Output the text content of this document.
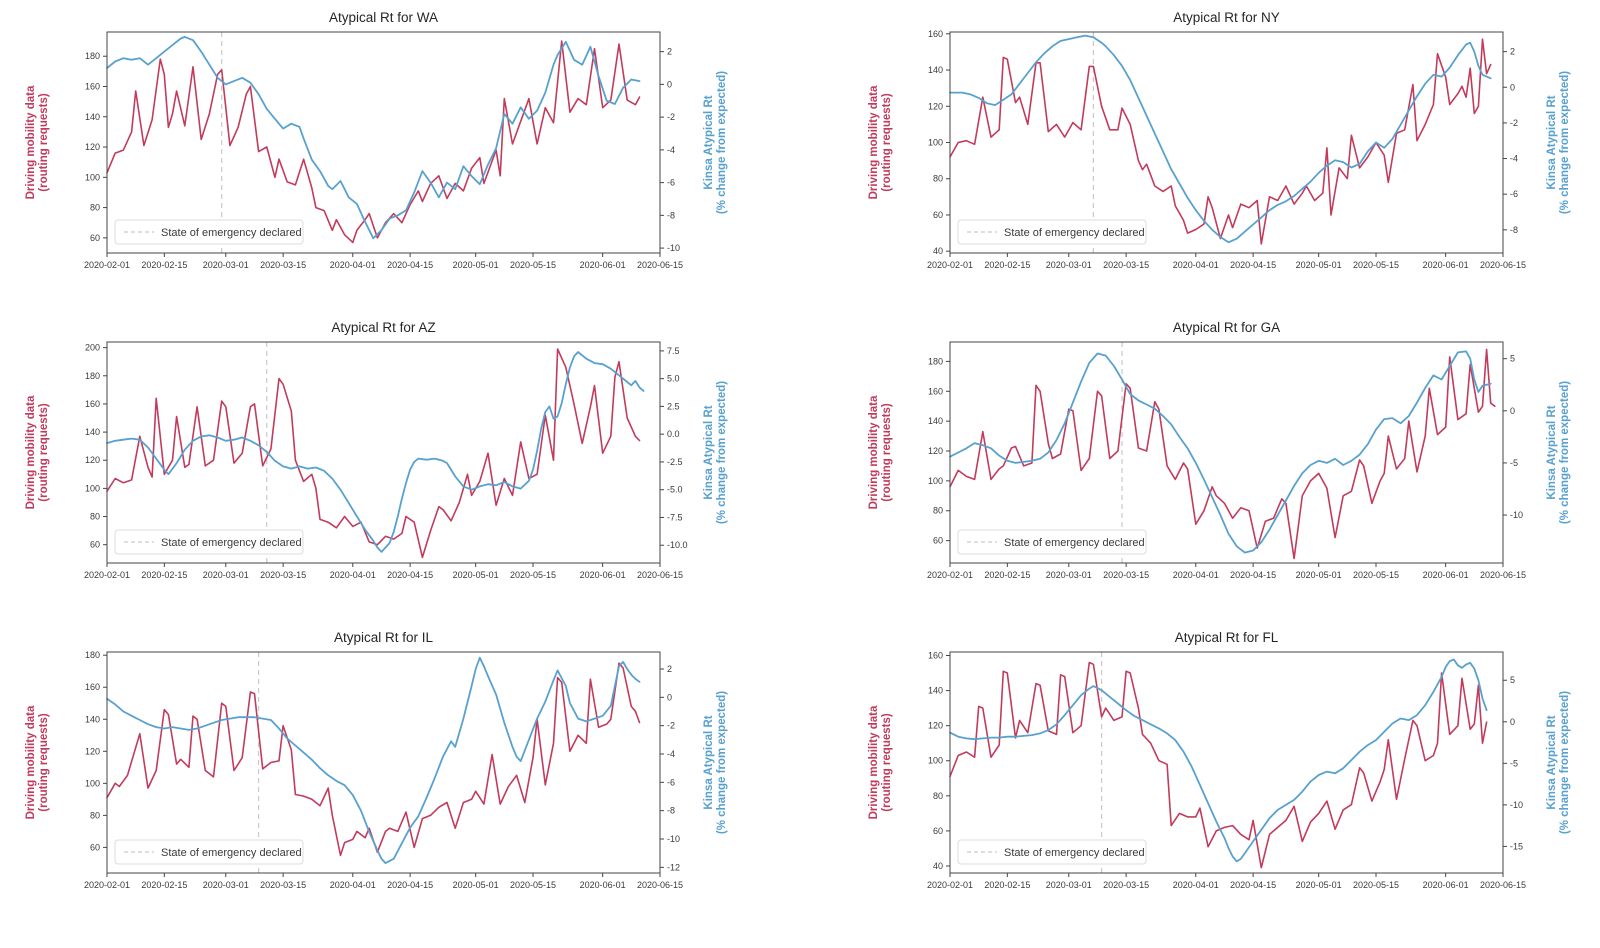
Atypical Rt for WA
2020-02-01 2020-02-15 2020-03-01 2020-03-15	2020-04-01 2020-04-15 2020-05-01 2020-05-15	2020-06-01 2020-06-15
60
80
100
120
140
160
180	2
0
-2
-4
-6
-8
-10
Driving mobility data (routing requests)	Kinsa Atypical Rt (% change from expected)
State of emergency declared
Atypical Rt for NY
2020-02-01 2020-02-15 2020-03-01 2020-03-15	2020-04-01 2020-04-15 2020-05-01 2020-05-15	2020-06-01 2020-06-15
40
60
80
100
120
140
160
2
0
-2
-4
-6
-8
Driving mobility data (routing requests)	Kinsa Atypical Rt (% change from expected)
State of emergency declared
Atypical Rt for AZ
2020-02-01 2020-02-15 2020-03-01 2020-03-15	2020-04-01 2020-04-15 2020-05-01 2020-05-15	2020-06-01 2020-06-15
60
80
100
120
140
160
180
200	7.5
5.0
2.5
0.0
-2.5
-5.0
-7.5
-10.0
Driving mobility data (routing requests)	Kinsa Atypical Rt (% change from expected)
State of emergency declared
Atypical Rt for GA
2020-02-01 2020-02-15 2020-03-01 2020-03-15	2020-04-01 2020-04-15 2020-05-01 2020-05-15	2020-06-01 2020-06-15
60
80
100
120
140
160
180	5
0
-5
-10
Driving mobility data (routing requests)	Kinsa Atypical Rt (% change from expected)
State of emergency declared
Atypical Rt for IL
2020-02-01 2020-02-15 2020-03-01 2020-03-15	2020-04-01 2020-04-15 2020-05-01 2020-05-15	2020-06-01 2020-06-15
60
80
100
120
140
160
180
2
0
-2
-4
-6
-8
-10
-12
Driving mobility data (routing requests)	Kinsa Atypical Rt (% change from expected)
State of emergency declared
Atypical Rt for FL
2020-02-01 2020-02-15 2020-03-01 2020-03-15	2020-04-01 2020-04-15 2020-05-01 2020-05-15	2020-06-01 2020-06-15
40
60
80
100
120
140
160
5
0
-5
-10
-15
Driving mobility data (routing requests)	Kinsa Atypical Rt (% change from expected)
State of emergency declared
